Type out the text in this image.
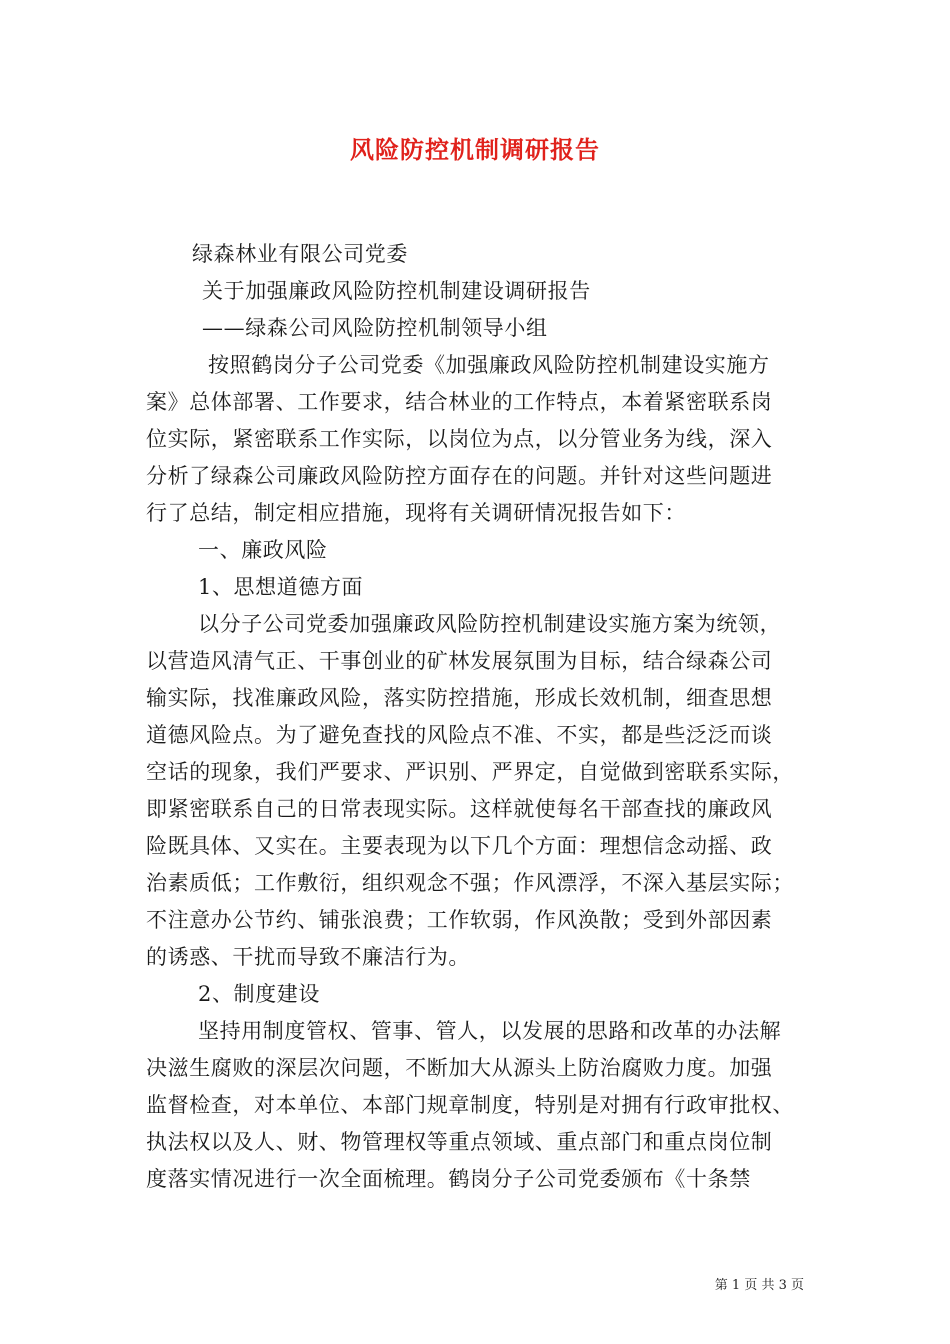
风险防控机制调研报告
绿森林业有限公司党委
关于加强廉政风险防控机制建设调研报告
——绿森公司风险防控机制领导小组
按照鹤岗分子公司党委《加强廉政风险防控机制建设实施方
案》总体部署、工作要求，结合林业的工作特点，本着紧密联系岗
位实际，紧密联系工作实际，以岗位为点，以分管业务为线，深入
分析了绿森公司廉政风险防控方面存在的问题。并针对这些问题进
行了总结，制定相应措施，现将有关调研情况报告如下：
一、廉政风险
1、思想道德方面
以分子公司党委加强廉政风险防控机制建设实施方案为统领，
以营造风清气正、干事创业的矿林发展氛围为目标，结合绿森公司
输实际，找准廉政风险，落实防控措施，形成长效机制，细查思想
道德风险点。为了避免查找的风险点不准、不实，都是些泛泛而谈
空话的现象，我们严要求、严识别、严界定，自觉做到密联系实际，
即紧密联系自己的日常表现实际。这样就使每名干部查找的廉政风
险既具体、又实在。主要表现为以下几个方面：理想信念动摇、政
治素质低；工作敷衍，组织观念不强；作风漂浮，不深入基层实际；
不注意办公节约、铺张浪费；工作软弱，作风涣散；受到外部因素
的诱惑、干扰而导致不廉洁行为。
2、制度建设
坚持用制度管权、管事、管人，以发展的思路和改革的办法解
决滋生腐败的深层次问题，不断加大从源头上防治腐败力度。加强
监督检查，对本单位、本部门规章制度，特别是对拥有行政审批权、
执法权以及人、财、物管理权等重点领域、重点部门和重点岗位制
度落实情况进行一次全面梳理。鹤岗分子公司党委颁布《十条禁
第 1 页 共 3 页
